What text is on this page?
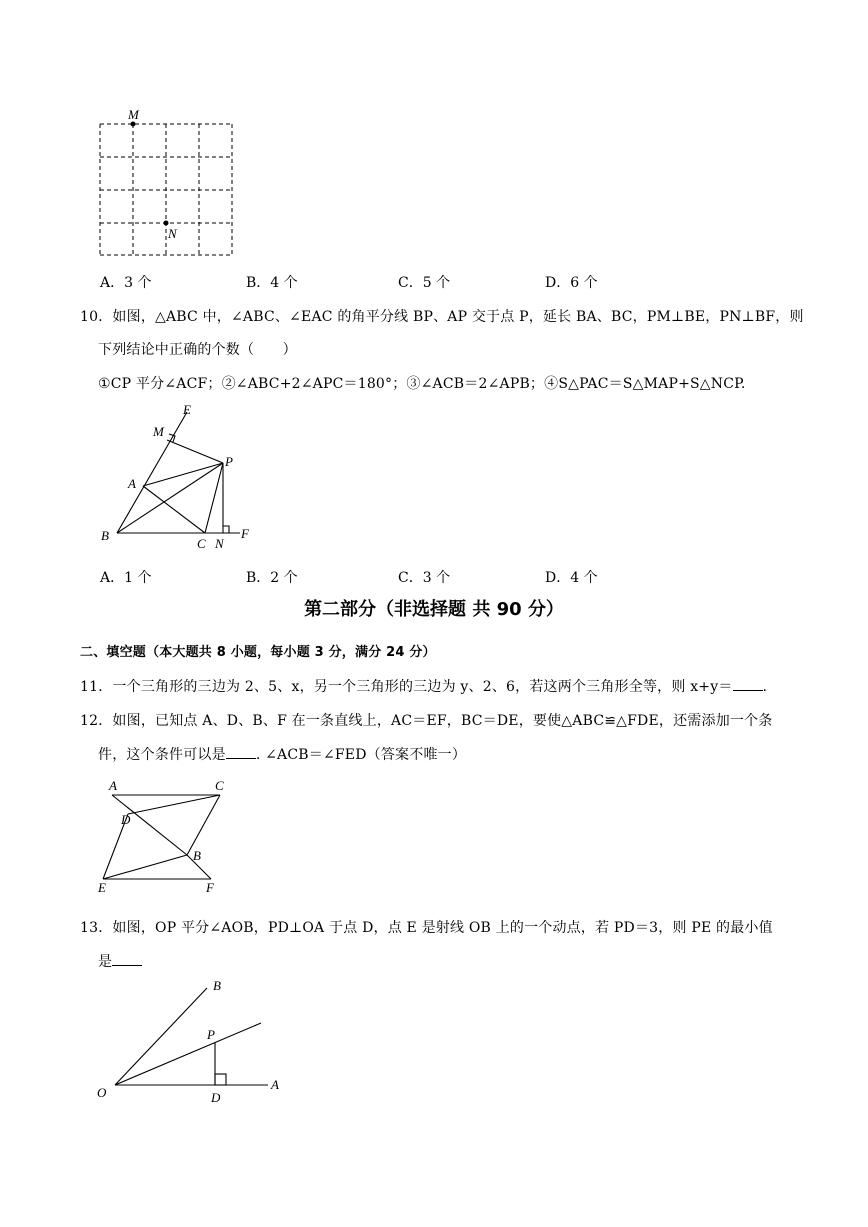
M
N
A．3 个	B．4 个	C．5 个	D．6 个
10．如图，△ABC 中，∠ABC、∠EAC 的角平分线 BP、AP 交于点 P，延长 BA、BC，PM⊥BE，PN⊥BF，则
下列结论中正确的个数（　　）
①CP 平分∠ACF；②∠ABC+2∠APC＝180°；③∠ACB＝2∠APB；④S△PAC＝S△MAP+S△NCP.
E
M
P
A
B
C N
F
A．1 个	B．2 个	C．3 个	D．4 个
第二部分（非选择题 共 90 分）
二、填空题（本大题共 8 小题，每小题 3 分，满分 24 分）
11．一个三角形的三边为 2、5、x，另一个三角形的三边为 y、2、6，若这两个三角形全等，则 x+y＝ .
12．如图，已知点 A、D、B、F 在一条直线上，AC＝EF，BC＝DE，要使△ABC≌△FDE，还需添加一个条
件，这个条件可以是 . ∠ACB＝∠FED（答案不唯一）
A	C
D
B
E	F
13．如图，OP 平分∠AOB，PD⊥OA 于点 D，点 E 是射线 OB 上的一个动点，若 PD＝3，则 PE 的最小值
是
B
P
O	D
A
